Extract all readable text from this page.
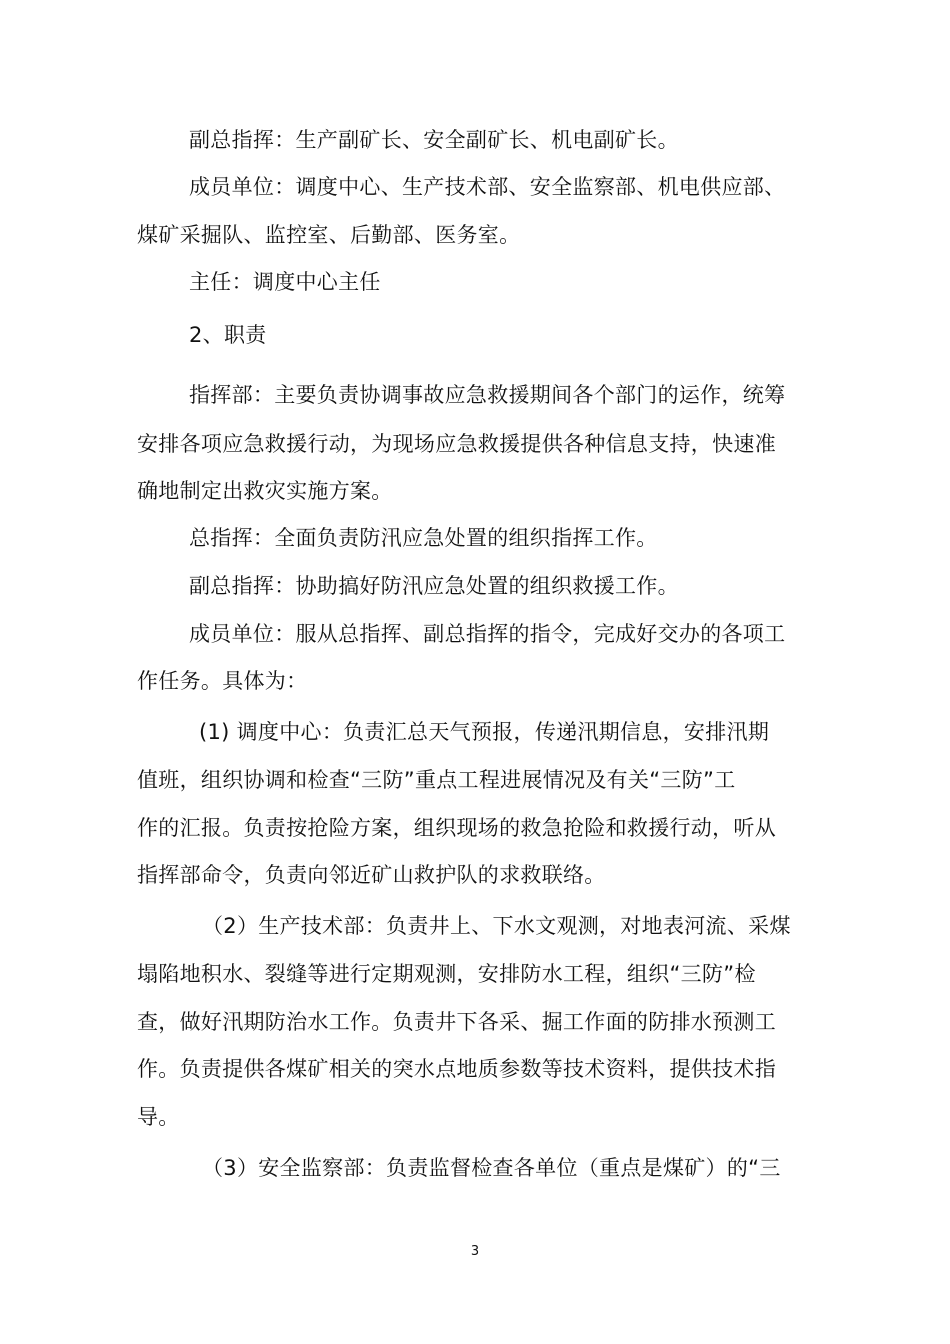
副总指挥：生产副矿长、安全副矿长、机电副矿长。
成员单位：调度中心、生产技术部、安全监察部、机电供应部、
煤矿采掘队、监控室、后勤部、医务室。
主任：调度中心主任
2、职责
指挥部：主要负责协调事故应急救援期间各个部门的运作，统筹
安排各项应急救援行动，为现场应急救援提供各种信息支持，快速准
确地制定出救灾实施方案。
总指挥：全面负责防汛应急处置的组织指挥工作。
副总指挥：协助搞好防汛应急处置的组织救援工作。
成员单位：服从总指挥、副总指挥的指令，完成好交办的各项工
作任务。具体为：
(1) 调度中心：负责汇总天气预报，传递汛期信息，安排汛期
值班，组织协调和检查“三防”重点工程进展情况及有关“三防”工
作的汇报。负责按抢险方案，组织现场的救急抢险和救援行动，听从
指挥部命令，负责向邻近矿山救护队的求救联络。
（2）生产技术部：负责井上、下水文观测，对地表河流、采煤
塌陷地积水、裂缝等进行定期观测，安排防水工程，组织“三防”检
查，做好汛期防治水工作。负责井下各采、掘工作面的防排水预测工
作。负责提供各煤矿相关的突水点地质参数等技术资料，提供技术指
导。
（3）安全监察部：负责监督检查各单位（重点是煤矿）的“三
3
